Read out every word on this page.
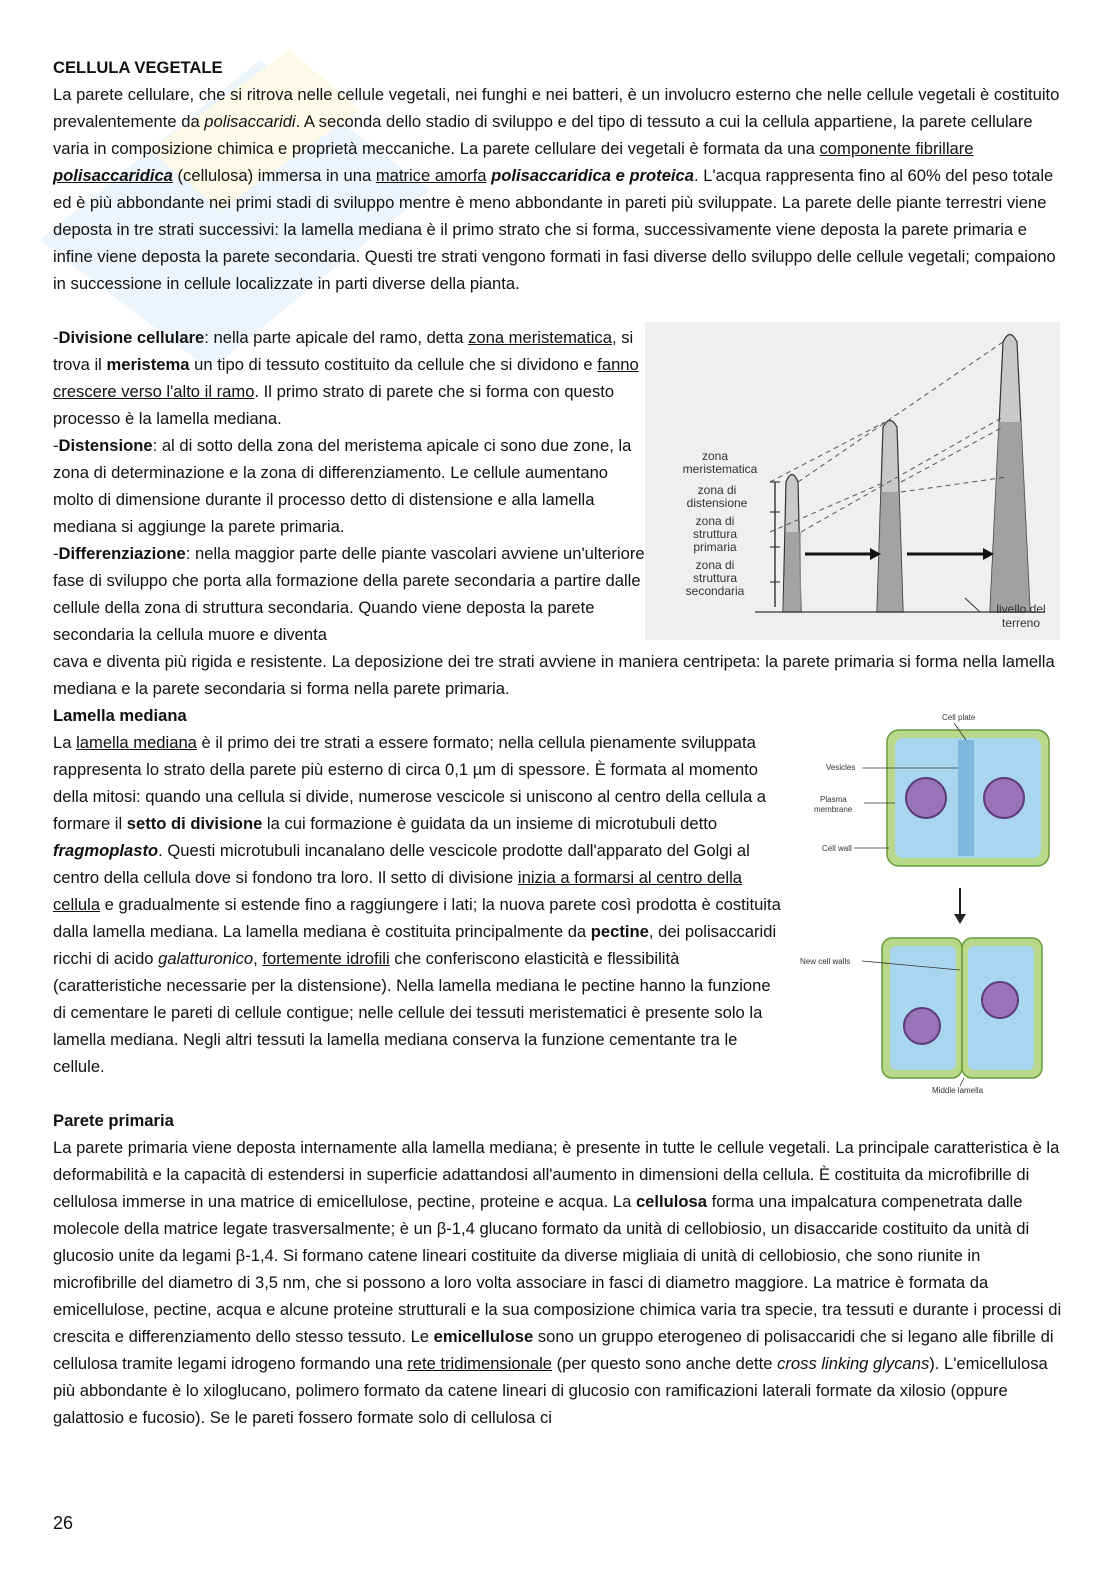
CELLULA VEGETALE

La parete cellulare, che si ritrova nelle cellule vegetali, nei funghi e nei batteri, è un involucro esterno che nelle cellule vegetali è costituito prevalentemente da polisaccaridi. A seconda dello stadio di sviluppo e del tipo di tessuto a cui la cellula appartiene, la parete cellulare varia in composizione chimica e proprietà meccaniche. La parete cellulare dei vegetali è formata da una componente fibrillare polisaccaridica (cellulosa) immersa in una matrice amorfa polisaccaridica e proteica. L'acqua rappresenta fino al 60% del peso totale ed è più abbondante nei primi stadi di sviluppo mentre è meno abbondante in pareti più sviluppate. La parete delle piante terrestri viene deposta in tre strati successivi: la lamella mediana è il primo strato che si forma, successivamente viene deposta la parete primaria e infine viene deposta la parete secondaria. Questi tre strati vengono formati in fasi diverse dello sviluppo delle cellule vegetali; compaiono in successione in cellule localizzate in parti diverse della pianta.

-Divisione cellulare: nella parte apicale del ramo, detta zona meristematica, si trova il meristema un tipo di tessuto costituito da cellule che si dividono e fanno crescere verso l'alto il ramo. Il primo strato di parete che si forma con questo processo è la lamella mediana.

-Distensione: al di sotto della zona del meristema apicale ci sono due zone, la zona di determinazione e la zona di differenziamento. Le cellule aumentano molto di dimensione durante il processo detto di distensione e alla lamella mediana si aggiunge la parete primaria.

-Differenziazione: nella maggior parte delle piante vascolari avviene un'ulteriore fase di sviluppo che porta alla formazione della parete secondaria a partire dalle cellule della zona di struttura secondaria. Quando viene deposta la parete secondaria la cellula muore e diventa

cava e diventa più rigida e resistente. La deposizione dei tre strati avviene in maniera centripeta: la parete primaria si forma nella lamella mediana e la parete secondaria si forma nella parete primaria.

Lamella mediana

La lamella mediana è il primo dei tre strati a essere formato; nella cellula pienamente sviluppata rappresenta lo strato della parete più esterno di circa 0,1 µm di spessore. È formata al momento della mitosi: quando una cellula si divide, numerose vescicole si uniscono al centro della cellula a formare il setto di divisione la cui formazione è guidata da un insieme di microtubuli detto fragmoplasto. Questi microtubuli incanalano delle vescicole prodotte dall'apparato del Golgi al centro della cellula dove si fondono tra loro. Il setto di divisione inizia a formarsi al centro della cellula e gradualmente si estende fino a raggiungere i lati; la nuova parete così prodotta è costituita dalla lamella mediana. La lamella mediana è costituita principalmente da pectine, dei polisaccaridi ricchi di acido galatturonico, fortemente idrofili che conferiscono elasticità e flessibilità (caratteristiche necessarie per la distensione). Nella lamella mediana le pectine hanno la funzione di cementare le pareti di cellule contigue; nelle cellule dei tessuti meristematici è presente solo la lamella mediana. Negli altri tessuti la lamella mediana conserva la funzione cementante tra le cellule.

Parete primaria

La parete primaria viene deposta internamente alla lamella mediana; è presente in tutte le cellule vegetali. La principale caratteristica è la deformabilità e la capacità di estendersi in superficie adattandosi all'aumento in dimensioni della cellula. È costituita da microfibrille di cellulosa immerse in una matrice di emicellulose, pectine, proteine e acqua. La cellulosa forma una impalcatura compenetrata dalle molecole della matrice legate trasversalmente; è un β-1,4 glucano formato da unità di cellobiosio, un disaccaride costituito da unità di glucosio unite da legami β-1,4. Si formano catene lineari costituite da diverse migliaia di unità di cellobiosio, che sono riunite in microfibrille del diametro di 3,5 nm, che si possono a loro volta associare in fasci di diametro maggiore. La matrice è formata da emicellulose, pectine, acqua e alcune proteine strutturali e la sua composizione chimica varia tra specie, tra tessuti e durante i processi di crescita e differenziamento dello stesso tessuto. Le emicellulose sono un gruppo eterogeneo di polisaccaridi che si legano alle fibrille di cellulosa tramite legami idrogeno formando una rete tridimensionale (per questo sono anche dette cross linking glycans). L'emicellulosa più abbondante è lo xiloglucano, polimero formato da catene lineari di glucosio con ramificazioni laterali formate da xilosio (oppure galattosio e fucosio). Se le pareti fossero formate solo di cellulosa ci

zona meristematica
zona di distensione
zona di struttura primaria
zona di struttura secondaria
livello del terreno
Cell plate
Vesicles
Plasma membrane
Cell wall
New cell walls
Middle lamella
26
